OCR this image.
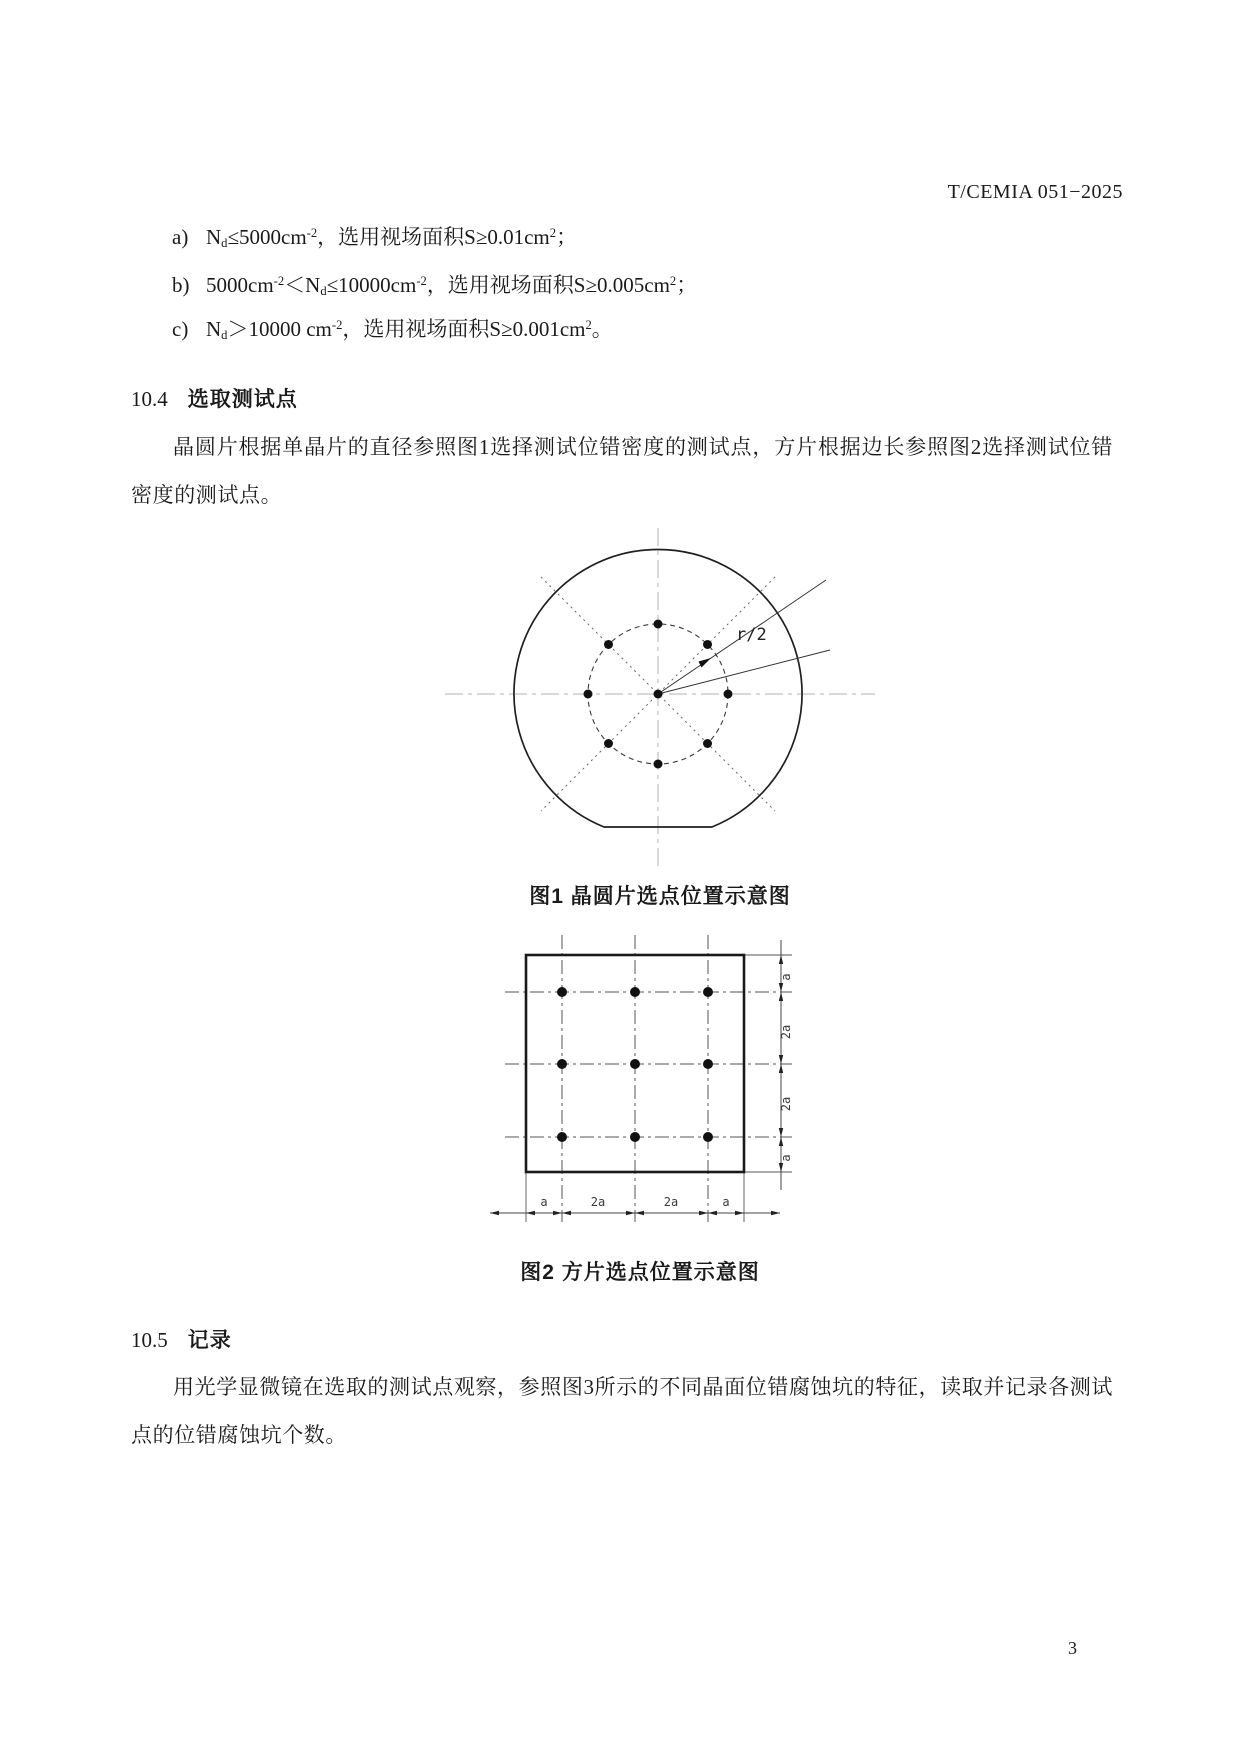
T/CEMIA 051−2025
a) $N_d\le 5000cm^{-2}$，选用视场面积$S\ge 0.01cm^2$；
b) $5000cm^{-2}<N_d\le 10000cm^{-2}$，选用视场面积$S\ge 0.005cm^2$；
c) $N_d>10000$ $cm^{-2}$，选用视场面积$S\ge 0.001cm^2$。
10.4 选取测试点
晶圆片根据单晶片的直径参照图1选择测试位错密度的测试点，方片根据边长参照图2选择测试位错密度的测试点。
r/2
图1 晶圆片选点位置示意图
a
2a
2a
a
a	2a	2a	a
图2 方片选点位置示意图
10.5 记录
用光学显微镜在选取的测试点观察，参照图3所示的不同晶面位错腐蚀坑的特征，读取并记录各测试点的位错腐蚀坑个数。
3
